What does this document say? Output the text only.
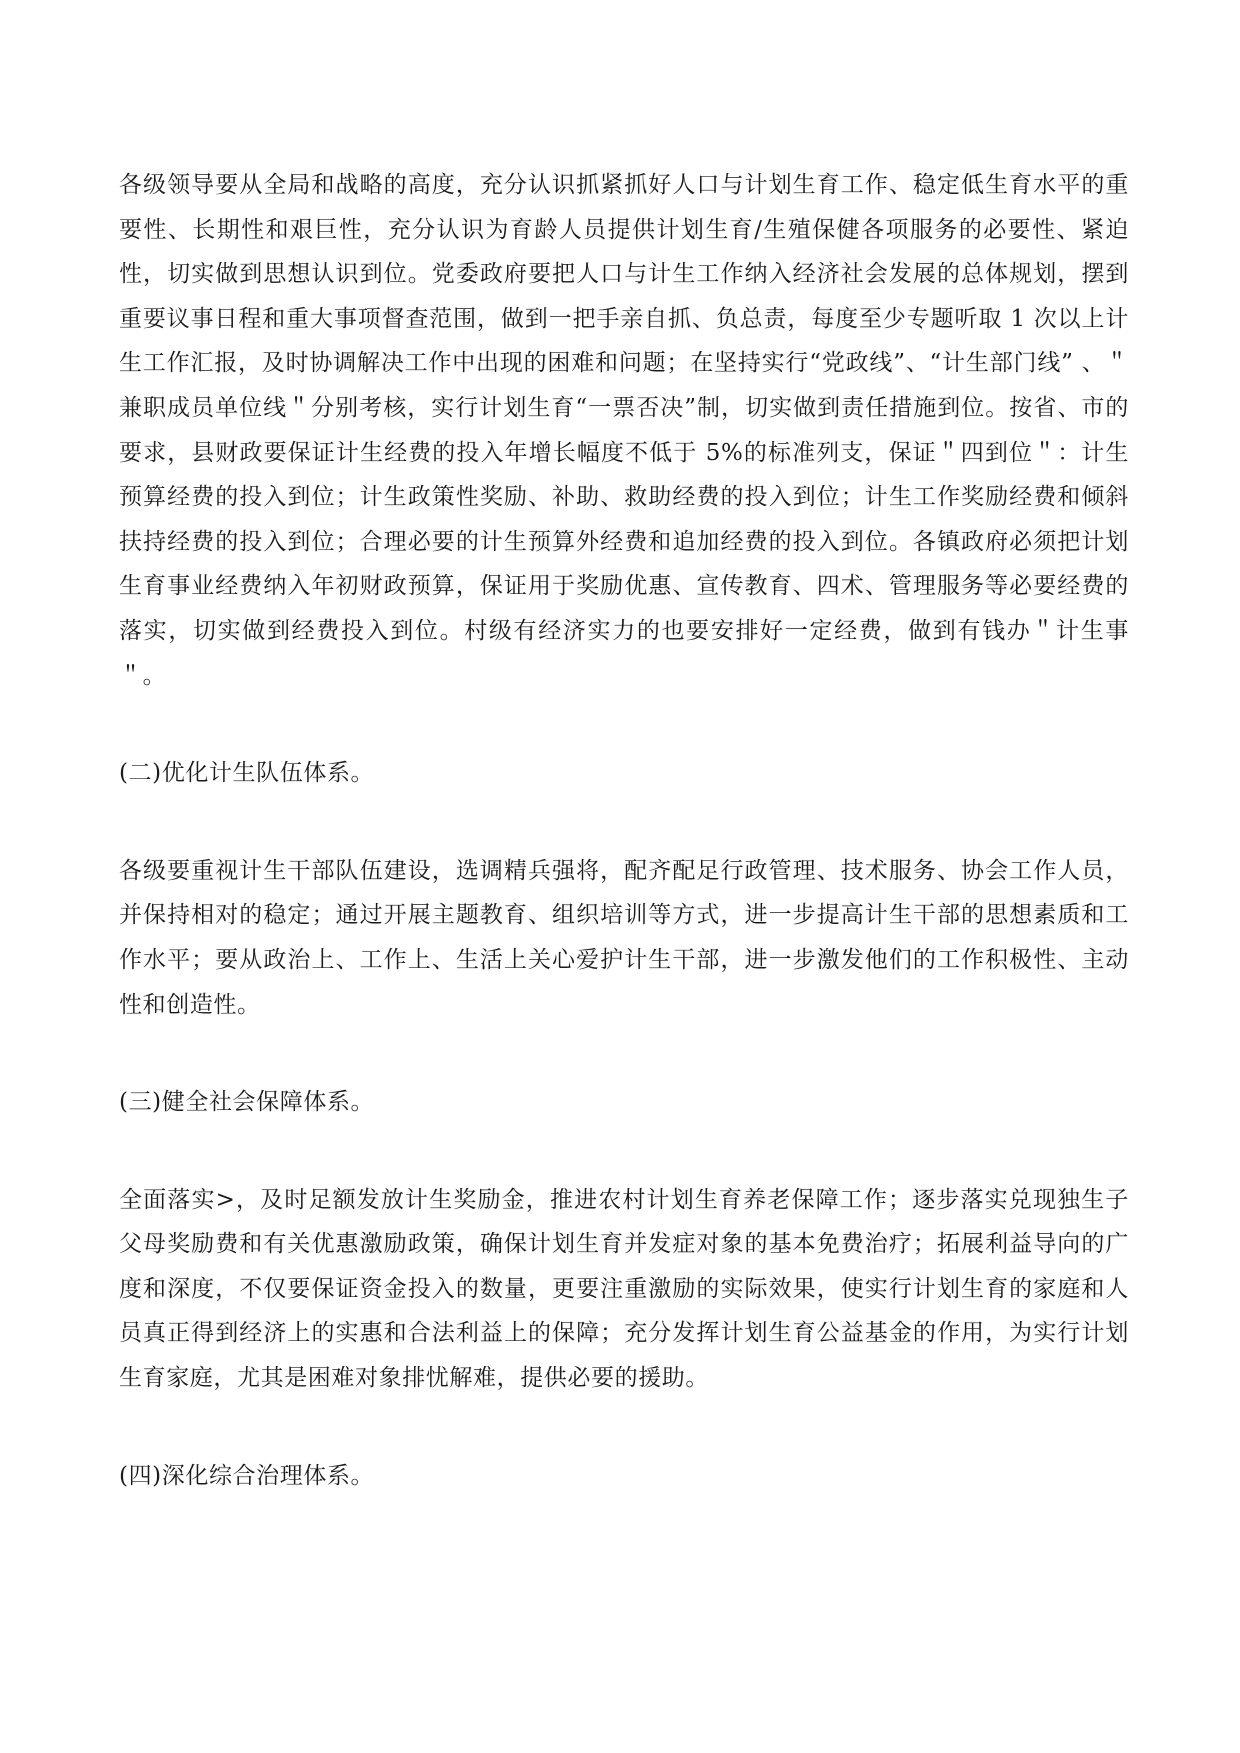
各级领导要从全局和战略的高度，充分认识抓紧抓好人口与计划生育工作、稳定低生育水平的重要性、长期性和艰巨性，充分认识为育龄人员提供计划生育/生殖保健各项服务的必要性、紧迫性，切实做到思想认识到位。党委政府要把人口与计生工作纳入经济社会发展的总体规划，摆到重要议事日程和重大事项督查范围，做到一把手亲自抓、负总责，每度至少专题听取 1 次以上计生工作汇报，及时协调解决工作中出现的困难和问题；在坚持实行“党政线”、“计生部门线” 、＂兼职成员单位线＂分别考核，实行计划生育“一票否决”制，切实做到责任措施到位。按省、市的要求，县财政要保证计生经费的投入年增长幅度不低于 5%的标准列支，保证＂四到位＂：计生预算经费的投入到位；计生政策性奖励、补助、救助经费的投入到位；计生工作奖励经费和倾斜扶持经费的投入到位；合理必要的计生预算外经费和追加经费的投入到位。各镇政府必须把计划生育事业经费纳入年初财政预算，保证用于奖励优惠、宣传教育、四术、管理服务等必要经费的落实，切实做到经费投入到位。村级有经济实力的也要安排好一定经费，做到有钱办＂计生事＂。

(二)优化计生队伍体系。

各级要重视计生干部队伍建设，选调精兵强将，配齐配足行政管理、技术服务、协会工作人员，并保持相对的稳定；通过开展主题教育、组织培训等方式，进一步提高计生干部的思想素质和工作水平；要从政治上、工作上、生活上关心爱护计生干部，进一步激发他们的工作积极性、主动性和创造性。

(三)健全社会保障体系。

全面落实>，及时足额发放计生奖励金，推进农村计划生育养老保障工作；逐步落实兑现独生子父母奖励费和有关优惠激励政策，确保计划生育并发症对象的基本免费治疗；拓展利益导向的广度和深度，不仅要保证资金投入的数量，更要注重激励的实际效果，使实行计划生育的家庭和人员真正得到经济上的实惠和合法利益上的保障；充分发挥计划生育公益基金的作用，为实行计划生育家庭，尤其是困难对象排忧解难，提供必要的援助。

(四)深化综合治理体系。
